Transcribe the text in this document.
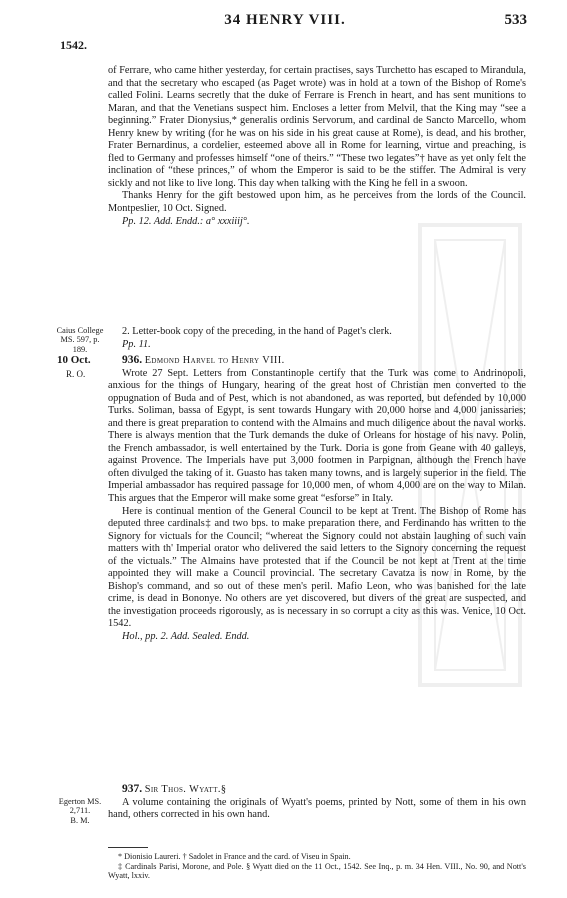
34 HENRY VIII.	533
1542.

of Ferrare, who came hither yesterday, for certain practises, says Turchetto has escaped to Mirandula, and that the secretary who escaped (as Paget wrote) was in hold at a town of the Bishop of Rome's called Folini. Learns secretly that the duke of Ferrare is French in heart, and has sent munitions to Maran, and that the Venetians suspect him. Encloses a letter from Melvil, that the King may “see a beginning.” Frater Dionysius,* generalis ordinis Servorum, and cardinal de Sancto Marcello, whom Henry knew by writing (for he was on his side in his great cause at Rome), is dead, and his brother, Frater Bernardinus, a cordelier, esteemed above all in Rome for learning, virtue and preaching, is fled to Germany and professes himself “one of theirs.” “These two legates”† have as yet only felt the inclination of “these princes,” of whom the Emperor is said to be the stiffer. The Admiral is very sickly and not like to live long. This day when talking with the King he fell in a swoon.

Thanks Henry for the gift bestowed upon him, as he perceives from the lords of the Council. Montpeslier, 10 Oct. Signed.

Pp. 12. Add. Endd.: a° xxxiiij°.

Caius College MS. 597, p. 189.

2. Letter-book copy of the preceding, in the hand of Paget's clerk.

Pp. 11.

10 Oct.
R. O.

936. Edmond Harvel to Henry VIII.

Wrote 27 Sept. Letters from Constantinople certify that the Turk was come to Andrinopoli, anxious for the things of Hungary, hearing of the great host of Christian men converted to the oppugnation of Buda and of Pest, which is not abandoned, as was reported, but defended by 10,000 Turks. Soliman, bassa of Egypt, is sent towards Hungary with 20,000 horse and 4,000 janissaries; and there is great preparation to contend with the Almains and much diligence about the naval works. There is always mention that the Turk demands the duke of Orleans for hostage of his navy. Polin, the French ambassador, is well entertained by the Turk. Doria is gone from Geane with 40 galleys, against Provence. The Imperials have put 3,000 footmen in Parpignan, although the French have often divulged the taking of it. Guasto has taken many towns, and is largely superior in the field. The Imperial ambassador has required passage for 10,000 men, of whom 4,000 are on the way to Milan. This argues that the Emperor will make some great “esforse” in Italy.

Here is continual mention of the General Council to be kept at Trent. The Bishop of Rome has deputed three cardinals‡ and two bps. to make preparation there, and Ferdinando has written to the Signory for victuals for the Council; “whereat the Signory could not abstain laughing of such vain matters with th' Imperial orator who delivered the said letters to the Signory concerning the request of the victuals.” The Almains have protested that if the Council be not kept at Trent at the time appointed they will make a Council provincial. The secretary Cavatza is now in Rome, by the Bishop's command, and so out of these men's peril. Mafio Leon, who was banished for the late crime, is dead in Bononye. No others are yet discovered, but divers of the great are suspected, and the investigation proceeds rigorously, as is necessary in so corrupt a city as this was. Venice, 10 Oct. 1542.

Hol., pp. 2. Add. Sealed. Endd.

Egerton MS. 2,711.
B. M.

937. Sir Thos. Wyatt.§

A volume containing the originals of Wyatt's poems, printed by Nott, some of them in his own hand, others corrected in his own hand.

* Dionisio Laureri. † Sadolet in France and the card. of Viseu in Spain.

‡ Cardinals Parisi, Morone, and Pole. § Wyatt died on the 11 Oct., 1542. See Inq., p. m. 34 Hen. VIII., No. 90, and Nott's Wyatt, lxxiv.
